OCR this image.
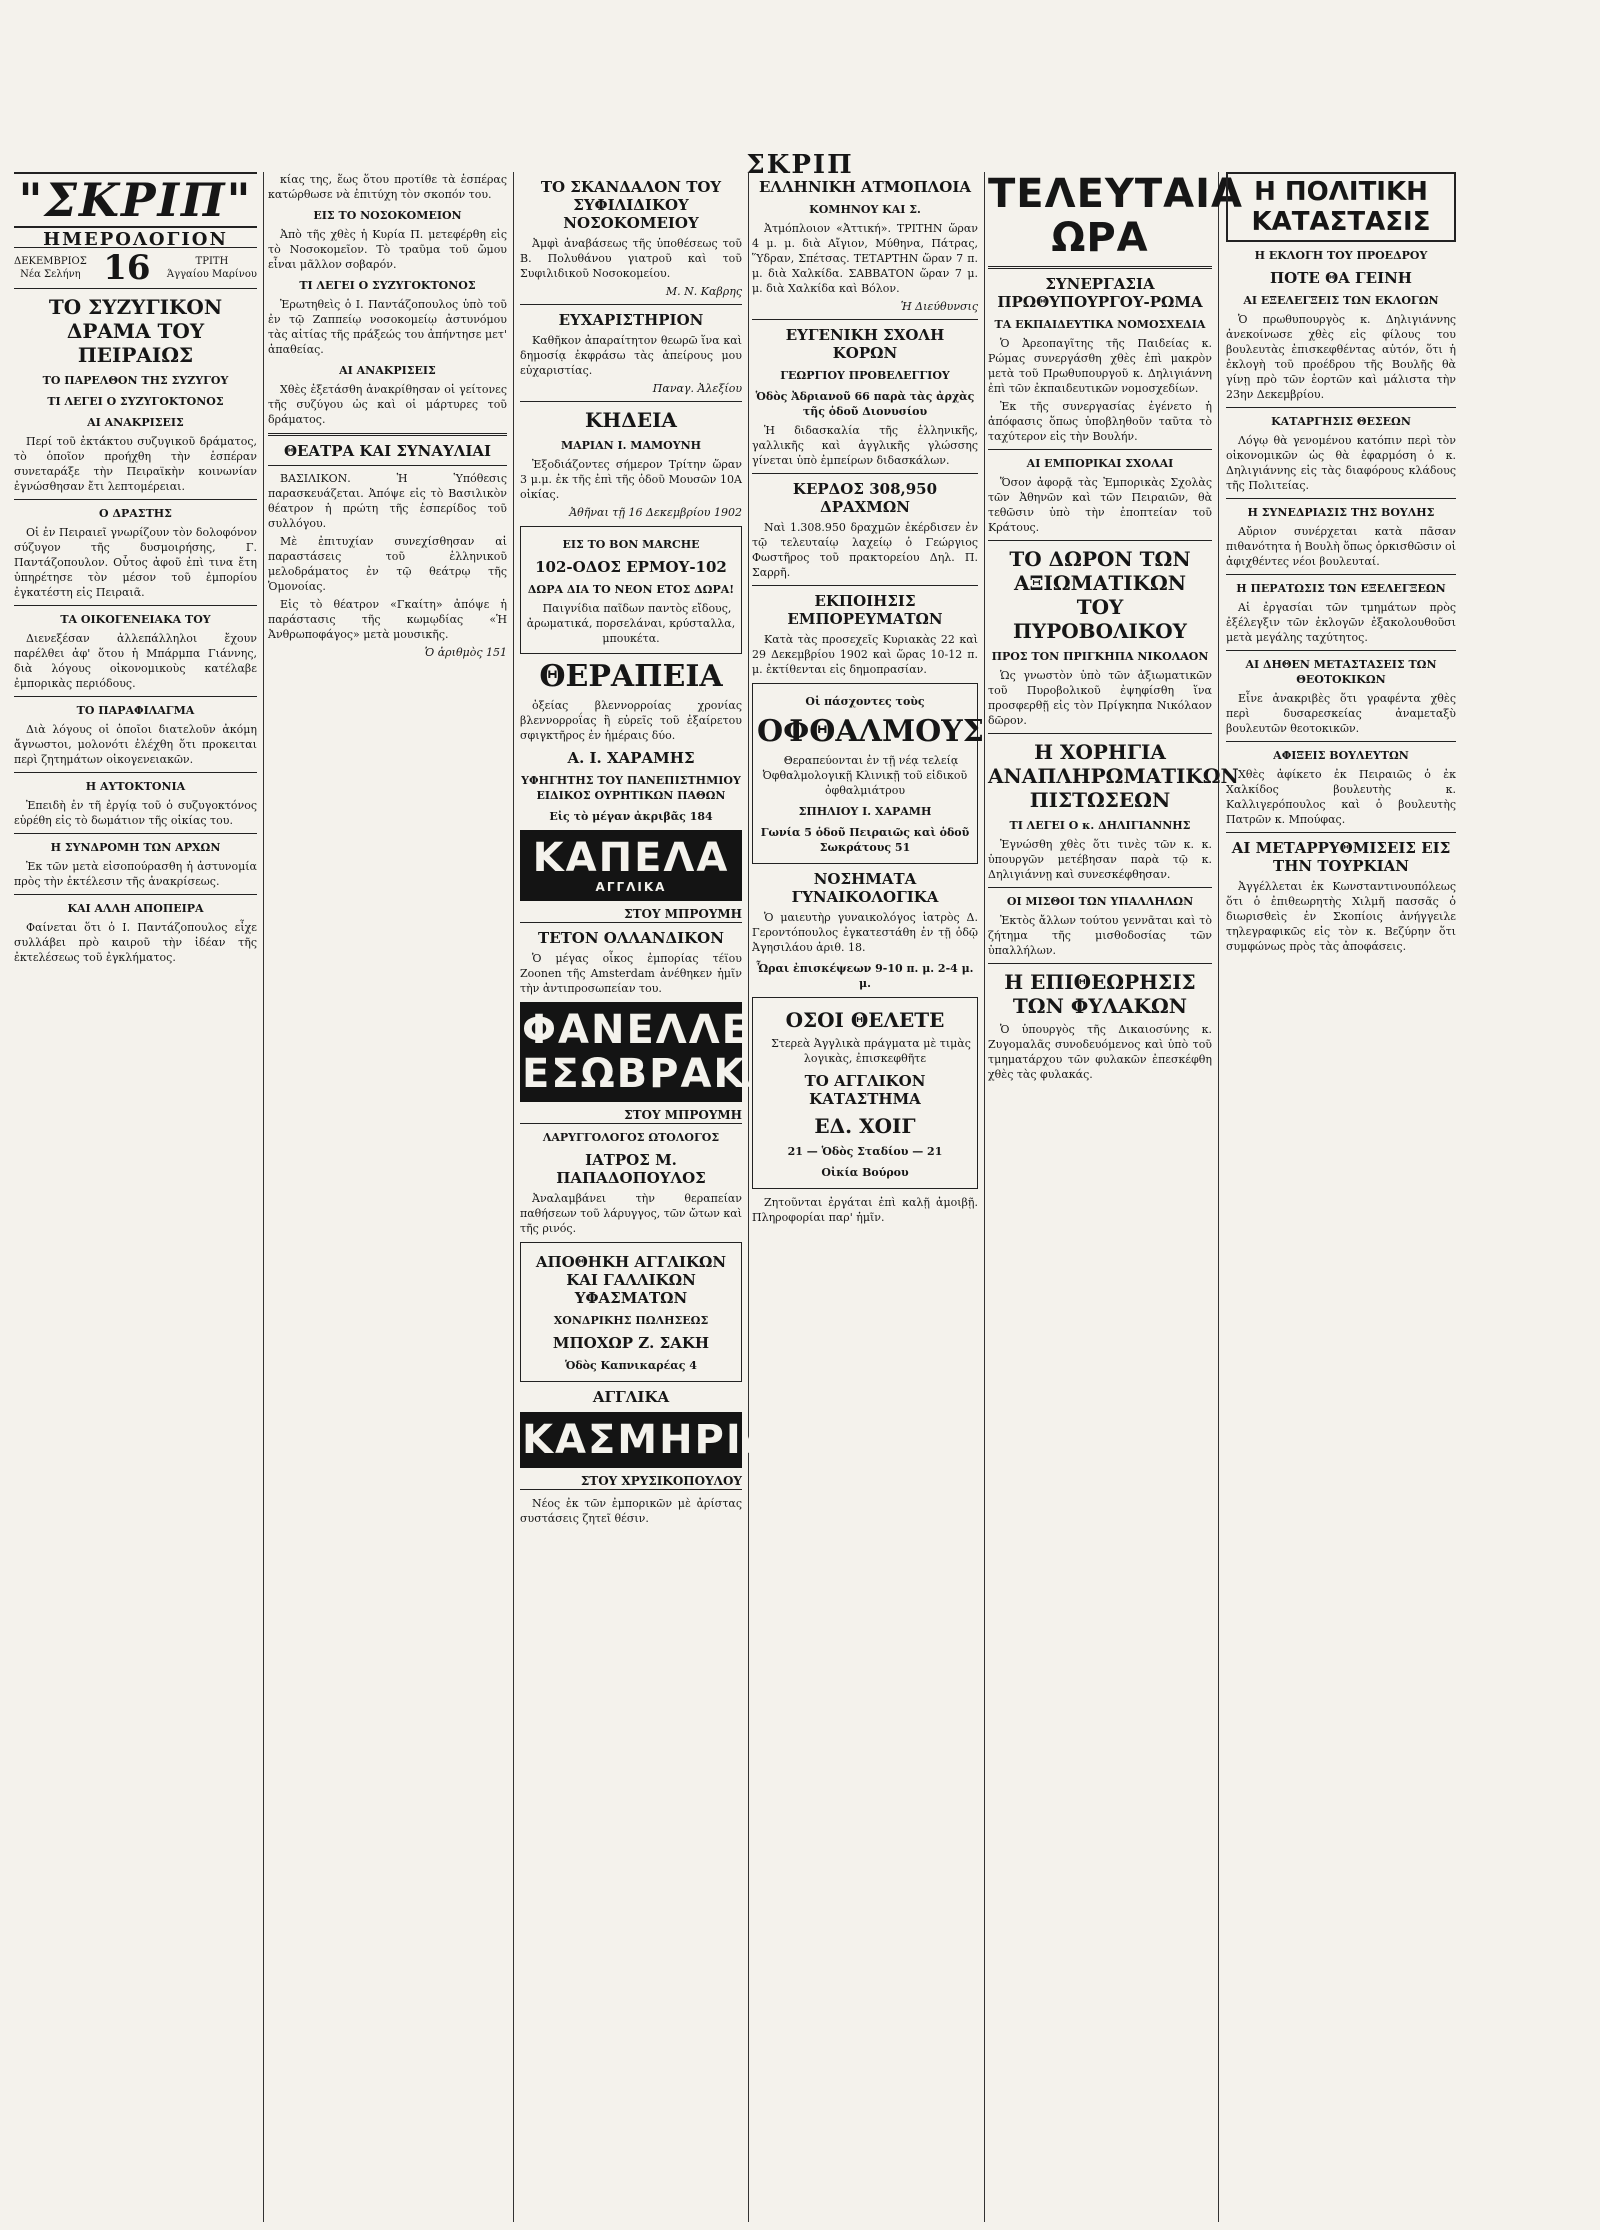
ΣΚΡΙΠ
"ΣΚΡΙΠ"
ΗΜΕΡΟΛΟΓΙΟΝ
ΔΕΚΕΜΒΡΙΟΣ
Νέα Σελήνη 16	ΤΡΙΤΗ
Άγγαίου Μαρίνου
ΤΟ ΣΥΖΥΓΙΚΟΝ ΔΡΑΜΑ ΤΟΥ ΠΕΙΡΑΙΩΣ
ΤΟ ΠΑΡΕΛΘΟΝ ΤΗΣ ΣΥΖΥΓΟΥ
ΤΙ ΛΕΓΕΙ Ο ΣΥΖΥΓΟΚΤΟΝΟΣ
ΑΙ ΑΝΑΚΡΙΣΕΙΣ

Περί τοῦ ἐκτάκτου συζυγικοῦ δράματος, τὸ ὁποῖον προήχθη τὴν ἑσπέραν συνεταράξε τὴν Πειραϊκὴν κοινωνίαν ἐγνώσθησαν ἔτι λεπτομέρειαι.

Ο ΔΡΑΣΤΗΣ

Οἱ ἐν Πειραιεῖ γνωρίζουν τὸν δολοφόνον σύζυγον τῆς δυσμοιρήσης, Γ. Παντάζοπουλον. Οὗτος ἀφοῦ ἐπὶ τινα ἔτη ὑπηρέτησε τὸν μέσον τοῦ ἐμπορίου ἐγκατέστη εἰς Πειραιᾶ.

ΤΑ ΟΙΚΟΓΕΝΕΙΑΚΑ ΤΟΥ

Διενεξέσαν ἀλλεπάλληλοι ἔχουν παρέλθει ἀφ' ὅτου ἡ Μπάρμπα Γιάννης, διὰ λόγους οἰκονομικοὺς κατέλαβε ἐμπορικὰς περιόδους.

ΤΟ ΠΑΡΑΦΙΛΑΓΜΑ

Διὰ λόγους οἱ ὁποῖοι διατελοῦν ἀκόμη ἄγνωστοι, μολονότι ἐλέχθη ὅτι προκειται περὶ ζητημάτων οἰκογενειακῶν.

Η ΑΥΤΟΚΤΟΝΙΑ

Ἐπειδὴ ἐν τῆ ἐργίᾳ τοῦ ὁ συζυγοκτόνος εὑρέθη εἰς τὸ δωμάτιον τῆς οἰκίας του.

Η ΣΥΝΔΡΟΜΗ ΤΩΝ ΑΡΧΩΝ

Ἐκ τῶν μετὰ εἰσοπούρασθη ἡ ἀστυνομία πρὸς τὴν ἐκτέλεσιν τῆς ἀνακρίσεως.

ΚΑΙ ΑΛΛΗ ΑΠΟΠΕΙΡΑ

Φαίνεται ὅτι ὁ Ι. Παντάζοπουλος εἶχε συλλάβει πρὸ καιροῦ τὴν ἰδέαν τῆς ἐκτελέσεως τοῦ ἐγκλήματος.

κίας της, ἕως ὅτου προτίθε τὰ ἑσπέρας κατώρθωσε νὰ ἐπιτύχη τὸν σκοπόν του.

ΕΙΣ ΤΟ ΝΟΣΟΚΟΜΕΙΟΝ

Ἀπὸ τῆς χθὲς ἡ Κυρία Π. μετεφέρθη εἰς τὸ Νοσοκομεῖον. Τὸ τραῦμα τοῦ ὤμου εἶναι μᾶλλον σοβαρόν.

ΤΙ ΛΕΓΕΙ Ο ΣΥΖΥΓΟΚΤΟΝΟΣ

Ἐρωτηθεὶς ὁ Ι. Παντάζοπουλος ὑπὸ τοῦ ἐν τῷ Ζαππείῳ νοσοκομείῳ ἀστυνόμου τὰς αἰτίας τῆς πράξεώς του ἀπήντησε μετ' ἀπαθείας.

ΑΙ ΑΝΑΚΡΙΣΕΙΣ

Χθὲς ἐξετάσθη ἀνακρίθησαν οἱ γείτονες τῆς συζύγου ὡς καὶ οἱ μάρτυρες τοῦ δράματος.

ΘΕΑΤΡΑ ΚΑΙ ΣΥΝΑΥΛΙΑΙ

ΒΑΣΙΛΙΚΟΝ. Ἡ Ὑπόθεσις παρασκευάζεται. Ἀπόψε εἰς τὸ Βασιλικὸν θέατρον ἡ πρώτη τῆς ἑσπερίδος τοῦ συλλόγου.

Μὲ ἐπιτυχίαν συνεχίσθησαν αἱ παραστάσεις τοῦ ἑλληνικοῦ μελοδράματος ἐν τῷ θεάτρῳ τῆς Ὁμονοίας.

Εἰς τὸ θέατρον «Γκαίτη» ἀπόψε ἡ παράστασις τῆς κωμῳδίας «Ἡ Ἀνθρωποφάγος» μετὰ μουσικῆς.

Ὁ ἀριθμὸς 151
ΤΟ ΣΚΑΝΔΑΛΟΝ ΤΟΥ ΣΥΦΙΛΙΔΙΚΟΥ ΝΟΣΟΚΟΜΕΙΟΥ

Ἀμφὶ ἀναβάσεως τῆς ὑποθέσεως τοῦ Β. Πολυθάνου γιατροῦ καὶ τοῦ Συφιλιδικοῦ Νοσοκομείου.

Μ. Ν. Καβρης
ΕΥΧΑΡΙΣΤΗΡΙΟΝ

Καθῆκον ἀπαραίτητον θεωρῶ ἵνα καὶ δημοσίᾳ ἐκφράσω τὰς ἀπείρους μου εὐχαριστίας.

Παναγ. Ἀλεξίου
ΚΗΔΕΙΑ
ΜΑΡΙΑΝ Ι. ΜΑΜΟΥΝΗ

Ἐξοδιάζοντες σήμερον Τρίτην ὥραν 3 μ.μ. ἐκ τῆς ἐπὶ τῆς ὁδοῦ Μουσῶν 10Α οἰκίας.

Ἀθῆναι τῇ 16 Δεκεμβρίου 1902
ΕΙΣ ΤΟ BON MARCHE
102-ΟΔΟΣ ΕΡΜΟΥ-102
ΔΩΡΑ ΔΙΑ ΤΟ ΝΕΟΝ ΕΤΟΣ ΔΩΡΑ!

Παιγνίδια παῖδων παντὸς εἴδους, ἀρωματικά, πορσελάναι, κρύσταλλα, μπουκέτα.

ΘΕΡΑΠΕΙΑ

ὀξείας βλεννορροίας χρονίας βλεννορροΐας ἢ εὐρεῖς τοῦ ἐξαίρετου σφιγκτῆρος ἐν ἡμέραις δύο.

Α. Ι. ΧΑΡΑΜΗΣ
ΥΦΗΓΗΤΗΣ ΤΟΥ ΠΑΝΕΠΙΣΤΗΜΙΟΥ ΕΙΔΙΚΟΣ ΟΥΡΗΤΙΚΩΝ ΠΑΘΩΝ
Εἰς τὸ μέγαν ἀκριβᾶς 184
ΚΑΠΕΛΑ
ΑΓΓΛΙΚΑ
ΣΤΟΥ ΜΠΡΟΥΜΗ
ΤΕΤΟΝ ΟΛΛΑΝΔΙΚΟΝ

Ὁ μέγας οἶκος ἐμπορίας τέϊου Zoonen τῆς Amsterdam ἀνέθηκεν ἡμῖν τὴν ἀντιπροσωπείαν του.

ΦΑΝΕΛΛΕΣ ΕΣΩΒΡΑΚΑ
ΣΤΟΥ ΜΠΡΟΥΜΗ
ΛΑΡΥΓΓΟΛΟΓΟΣ ΩΤΟΛΟΓΟΣ
ΙΑΤΡΟΣ Μ. ΠΑΠΑΔΟΠΟΥΛΟΣ

Ἀναλαμβάνει τὴν θεραπείαν παθήσεων τοῦ λάρυγγος, τῶν ὤτων καὶ τῆς ρινός.

ΑΠΟΘΗΚΗ ΑΓΓΛΙΚΩΝ ΚΑΙ ΓΑΛΛΙΚΩΝ ΥΦΑΣΜΑΤΩΝ
ΧΟΝΔΡΙΚΗΣ ΠΩΛΗΣΕΩΣ
ΜΠΟΧΩΡ Ζ. ΣΑΚΗ
Ὁδὸς Καπνικαρέας 4
ΑΓΓΛΙΚΑ
ΚΑΣΜΗΡΙΑ
ΣΤΟΥ ΧΡΥΣΙΚΟΠΟΥΛΟΥ

Νέος ἐκ τῶν ἐμπορικῶν μὲ ἀρίστας συστάσεις ζητεῖ θέσιν.

ΕΛΛΗΝΙΚΗ ΑΤΜΟΠΛΟΙΑ
ΚΟΜΗΝΟΥ ΚΑΙ Σ.

Ἀτμόπλοιον «Ἀττική». ΤΡΙΤΗΝ ὥραν 4 μ. μ. διὰ Αἴγιον, Μύθηνα, Πάτρας, Ὕδραν, Σπέτσας. ΤΕΤΑΡΤΗΝ ὥραν 7 π. μ. διὰ Χαλκίδα. ΣΑΒΒΑΤΟΝ ὥραν 7 μ. μ. διὰ Χαλκίδα καὶ Βόλον.

Ἡ Διεύθυνσις
ΕΥΓΕΝΙΚΗ ΣΧΟΛΗ ΚΟΡΩΝ
ΓΕΩΡΓΙΟΥ ΠΡΟΒΕΛΕΓΓΙΟΥ
Ὁδὸς Ἀδριανοῦ 66 παρὰ τὰς ἀρχὰς τῆς ὁδοῦ Διονυσίου

Ἡ διδασκαλία τῆς ἑλληνικῆς, γαλλικῆς καὶ ἀγγλικῆς γλώσσης γίνεται ὑπὸ ἐμπείρων διδασκάλων.

ΚΕΡΔΟΣ 308,950 ΔΡΑΧΜΩΝ

Ναὶ 1.308.950 δραχμῶν ἐκέρδισεν ἐν τῷ τελευταίῳ λαχείῳ ὁ Γεώργιος Φωστῆρος τοῦ πρακτορείου Δηλ. Π. Σαρρῆ.

ΕΚΠΟΙΗΣΙΣ ΕΜΠΟΡΕΥΜΑΤΩΝ

Κατὰ τὰς προσεχεῖς Κυριακὰς 22 καὶ 29 Δεκεμβρίου 1902 καὶ ὥρας 10-12 π. μ. ἐκτίθενται εἰς δημοπρασίαν.

Οἱ πάσχοντες τοὺς
ΟΦΘΑΛΜΟΥΣ

Θεραπεύονται ἐν τῇ νέᾳ τελείᾳ Ὀφθαλμολογικῇ Κλινικῇ τοῦ εἰδικοῦ ὀφθαλμιάτρου

ΣΠΗΛΙΟΥ Ι. ΧΑΡΑΜΗ
Γωνία 5 ὁδοῦ Πειραιῶς καὶ ὁδοῦ Σωκράτους 51
ΝΟΣΗΜΑΤΑ ΓΥΝΑΙΚΟΛΟΓΙΚΑ

Ὁ μαιευτὴρ γυναικολόγος ἰατρὸς Δ. Γεροντόπουλος ἐγκατεστάθη ἐν τῇ ὁδῷ Ἀγησιλάου ἀριθ. 18.

Ὧραι ἐπισκέψεων 9-10 π. μ. 2-4 μ. μ.
ΟΣΟΙ ΘΕΛΕΤΕ

Στερεὰ Ἀγγλικὰ πράγματα μὲ τιμὰς λογικὰς, ἐπισκεφθῆτε

ΤΟ ΑΓΓΛΙΚΟΝ ΚΑΤΑΣΤΗΜΑ
ΕΔ. ΧΟΙΓ
21 — Ὁδὸς Σταδίου — 21
Οἰκία Βούρου

Ζητοῦνται ἐργάται ἐπὶ καλῇ ἀμοιβῇ. Πληροφορίαι παρ' ἡμῖν.

ΤΕΛΕΥΤΑΙΑ ΩΡΑ
ΣΥΝΕΡΓΑΣΙΑ ΠΡΩΘΥΠΟΥΡΓΟΥ-ΡΩΜΑ
ΤΑ ΕΚΠΑΙΔΕΥΤΙΚΑ ΝΟΜΟΣΧΕΔΙΑ

Ὁ Ἀρεοπαγῖτης τῆς Παιδείας κ. Ρώμας συνεργάσθη χθὲς ἐπὶ μακρὸν μετὰ τοῦ Πρωθυπουργοῦ κ. Δηλιγιάννη ἐπὶ τῶν ἐκπαιδευτικῶν νομοσχεδίων.

Ἐκ τῆς συνεργασίας ἐγένετο ἡ ἀπόφασις ὅπως ὑποβληθοῦν ταῦτα τὸ ταχύτερον εἰς τὴν Βουλήν.

ΑΙ ΕΜΠΟΡΙΚΑΙ ΣΧΟΛΑΙ

Ὅσον ἀφορᾷ τὰς Ἐμπορικὰς Σχολὰς τῶν Ἀθηνῶν καὶ τῶν Πειραιῶν, θὰ τεθῶσιν ὑπὸ τὴν ἐποπτείαν τοῦ Κράτους.

ΤΟ ΔΩΡΟΝ ΤΩΝ ΑΞΙΩΜΑΤΙΚΩΝ ΤΟΥ ΠΥΡΟΒΟΛΙΚΟΥ
ΠΡΟΣ ΤΟΝ ΠΡΙΓΚΗΠΑ ΝΙΚΟΛΑΟΝ

Ὡς γνωστὸν ὑπὸ τῶν ἀξιωματικῶν τοῦ Πυροβολικοῦ ἐψηφίσθη ἵνα προσφερθῇ εἰς τὸν Πρίγκηπα Νικόλαον δῶρον.

Η ΧΟΡΗΓΙΑ ΑΝΑΠΛΗΡΩΜΑΤΙΚΩΝ ΠΙΣΤΩΣΕΩΝ
ΤΙ ΛΕΓΕΙ Ο κ. ΔΗΛΙΓΙΑΝΝΗΣ

Ἐγνώσθη χθὲς ὅτι τινὲς τῶν κ. κ. ὑπουργῶν μετέβησαν παρὰ τῷ κ. Δηλιγιάννῃ καὶ συνεσκέφθησαν.

ΟΙ ΜΙΣΘΟΙ ΤΩΝ ΥΠΑΛΛΗΛΩΝ

Ἐκτὸς ἄλλων τούτου γεννᾶται καὶ τὸ ζήτημα τῆς μισθοδοσίας τῶν ὑπαλλήλων.

Η ΕΠΙΘΕΩΡΗΣΙΣ ΤΩΝ ΦΥΛΑΚΩΝ

Ὁ ὑπουργὸς τῆς Δικαιοσύνης κ. Ζυγομαλᾶς συνοδευόμενος καὶ ὑπὸ τοῦ τμηματάρχου τῶν φυλακῶν ἐπεσκέφθη χθὲς τὰς φυλακάς.

Η ΠΟΛΙΤΙΚΗ ΚΑΤΑΣΤΑΣΙΣ
Η ΕΚΛΟΓΗ ΤΟΥ ΠΡΟΕΔΡΟΥ
ΠΟΤΕ ΘΑ ΓΕΙΝΗ
ΑΙ ΕΞΕΛΕΓΞΕΙΣ ΤΩΝ ΕΚΛΟΓΩΝ

Ὁ πρωθυπουργὸς κ. Δηλιγιάννης ἀνεκοίνωσε χθὲς εἰς φίλους του βουλευτὰς ἐπισκεφθέντας αὐτόν, ὅτι ἡ ἐκλογὴ τοῦ προέδρου τῆς Βουλῆς θὰ γίνῃ πρὸ τῶν ἑορτῶν καὶ μάλιστα τὴν 23ην Δεκεμβρίου.

ΚΑΤΑΡΓΗΣΙΣ ΘΕΣΕΩΝ

Λόγῳ θὰ γενομένου κατόπιν περὶ τὸν οἰκονομικῶν ὡς θὰ ἐφαρμόση ὁ κ. Δηλιγιάννης εἰς τὰς διαφόρους κλάδους τῆς Πολιτείας.

Η ΣΥΝΕΔΡΙΑΣΙΣ ΤΗΣ ΒΟΥΛΗΣ

Αὔριον συνέρχεται κατὰ πᾶσαν πιθανότητα ἡ Βουλὴ ὅπως ὁρκισθῶσιν οἱ ἀφιχθέντες νέοι βουλευταί.

Η ΠΕΡΑΤΩΣΙΣ ΤΩΝ ΕΞΕΛΕΓΞΕΩΝ

Αἱ ἐργασίαι τῶν τμημάτων πρὸς ἐξέλεγξιν τῶν ἐκλογῶν ἐξακολουθοῦσι μετὰ μεγάλης ταχύτητος.

ΑΙ ΔΗΘΕΝ ΜΕΤΑΣΤΑΣΕΙΣ ΤΩΝ ΘΕΟΤΟΚΙΚΩΝ

Εἶνε ἀνακριβὲς ὅτι γραφέντα χθὲς περὶ δυσαρεσκείας ἀναμεταξὺ βουλευτῶν θεοτοκικῶν.

ΑΦΙΞΕΙΣ ΒΟΥΛΕΥΤΩΝ

Χθὲς ἀφίκετο ἐκ Πειραιῶς ὁ ἐκ Χαλκίδος βουλευτὴς κ. Καλλιγερόπουλος καὶ ὁ βουλευτὴς Πατρῶν κ. Μπούφας.

ΑΙ ΜΕΤΑΡΡΥΘΜΙΣΕΙΣ ΕΙΣ ΤΗΝ ΤΟΥΡΚΙΑΝ

Ἀγγέλλεται ἐκ Κωνσταντινουπόλεως ὅτι ὁ ἐπιθεωρητὴς Χιλμῆ πασσᾶς ὁ διωρισθεὶς ἐν Σκοπίοις ἀνήγγειλε τηλεγραφικῶς εἰς τὸν κ. Βεζύρην ὅτι συμφώνως πρὸς τὰς ἀποφάσεις.
